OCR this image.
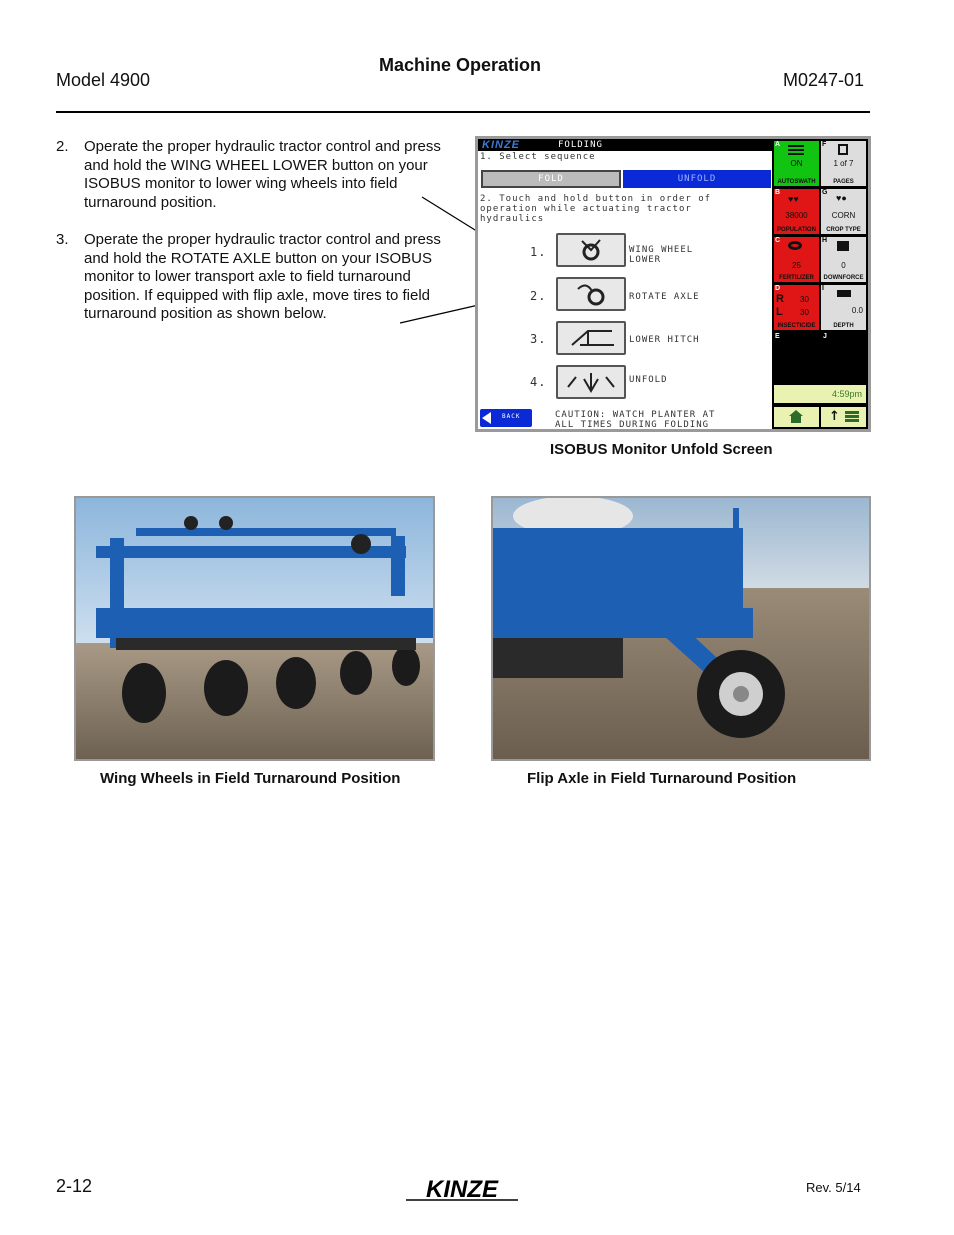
Model 4900
Machine Operation
M0247-01
2. Operate the proper hydraulic tractor control and press and hold the WING WHEEL LOWER button on your ISOBUS monitor to lower wing wheels into field turnaround position.
3. Operate the proper hydraulic tractor control and press and hold the ROTATE AXLE button on your ISOBUS monitor to lower transport axle to field turnaround position. If equipped with flip axle, move tires to field turnaround position as shown below.
KINZE	FOLDING
1. Select sequence
FOLD	UNFOLD
2. Touch and hold button in order of
operation while actuating tractor
hydraulics
1.	WING WHEEL
LOWER
2.	ROTATE AXLE
3.	LOWER HITCH
4.	UNFOLD
BACK	CAUTION: WATCH PLANTER AT
ALL TIMES DURING FOLDING
A
ON
AUTOSWATH
F
1 of 7
PAGES
B
♥♥
38000
POPULATION
G
♥●
CORN
CROP TYPE
C
25
FERTILIZER
H
0
DOWNFORCE
D
R 30
L 30
INSECTICIDE
I
0.0
DEPTH
E	J
4:59pm
↑
ISOBUS Monitor Unfold Screen
Wing Wheels in Field Turnaround Position	Flip Axle in Field Turnaround Position
2-12	KINZE	Rev. 5/14
